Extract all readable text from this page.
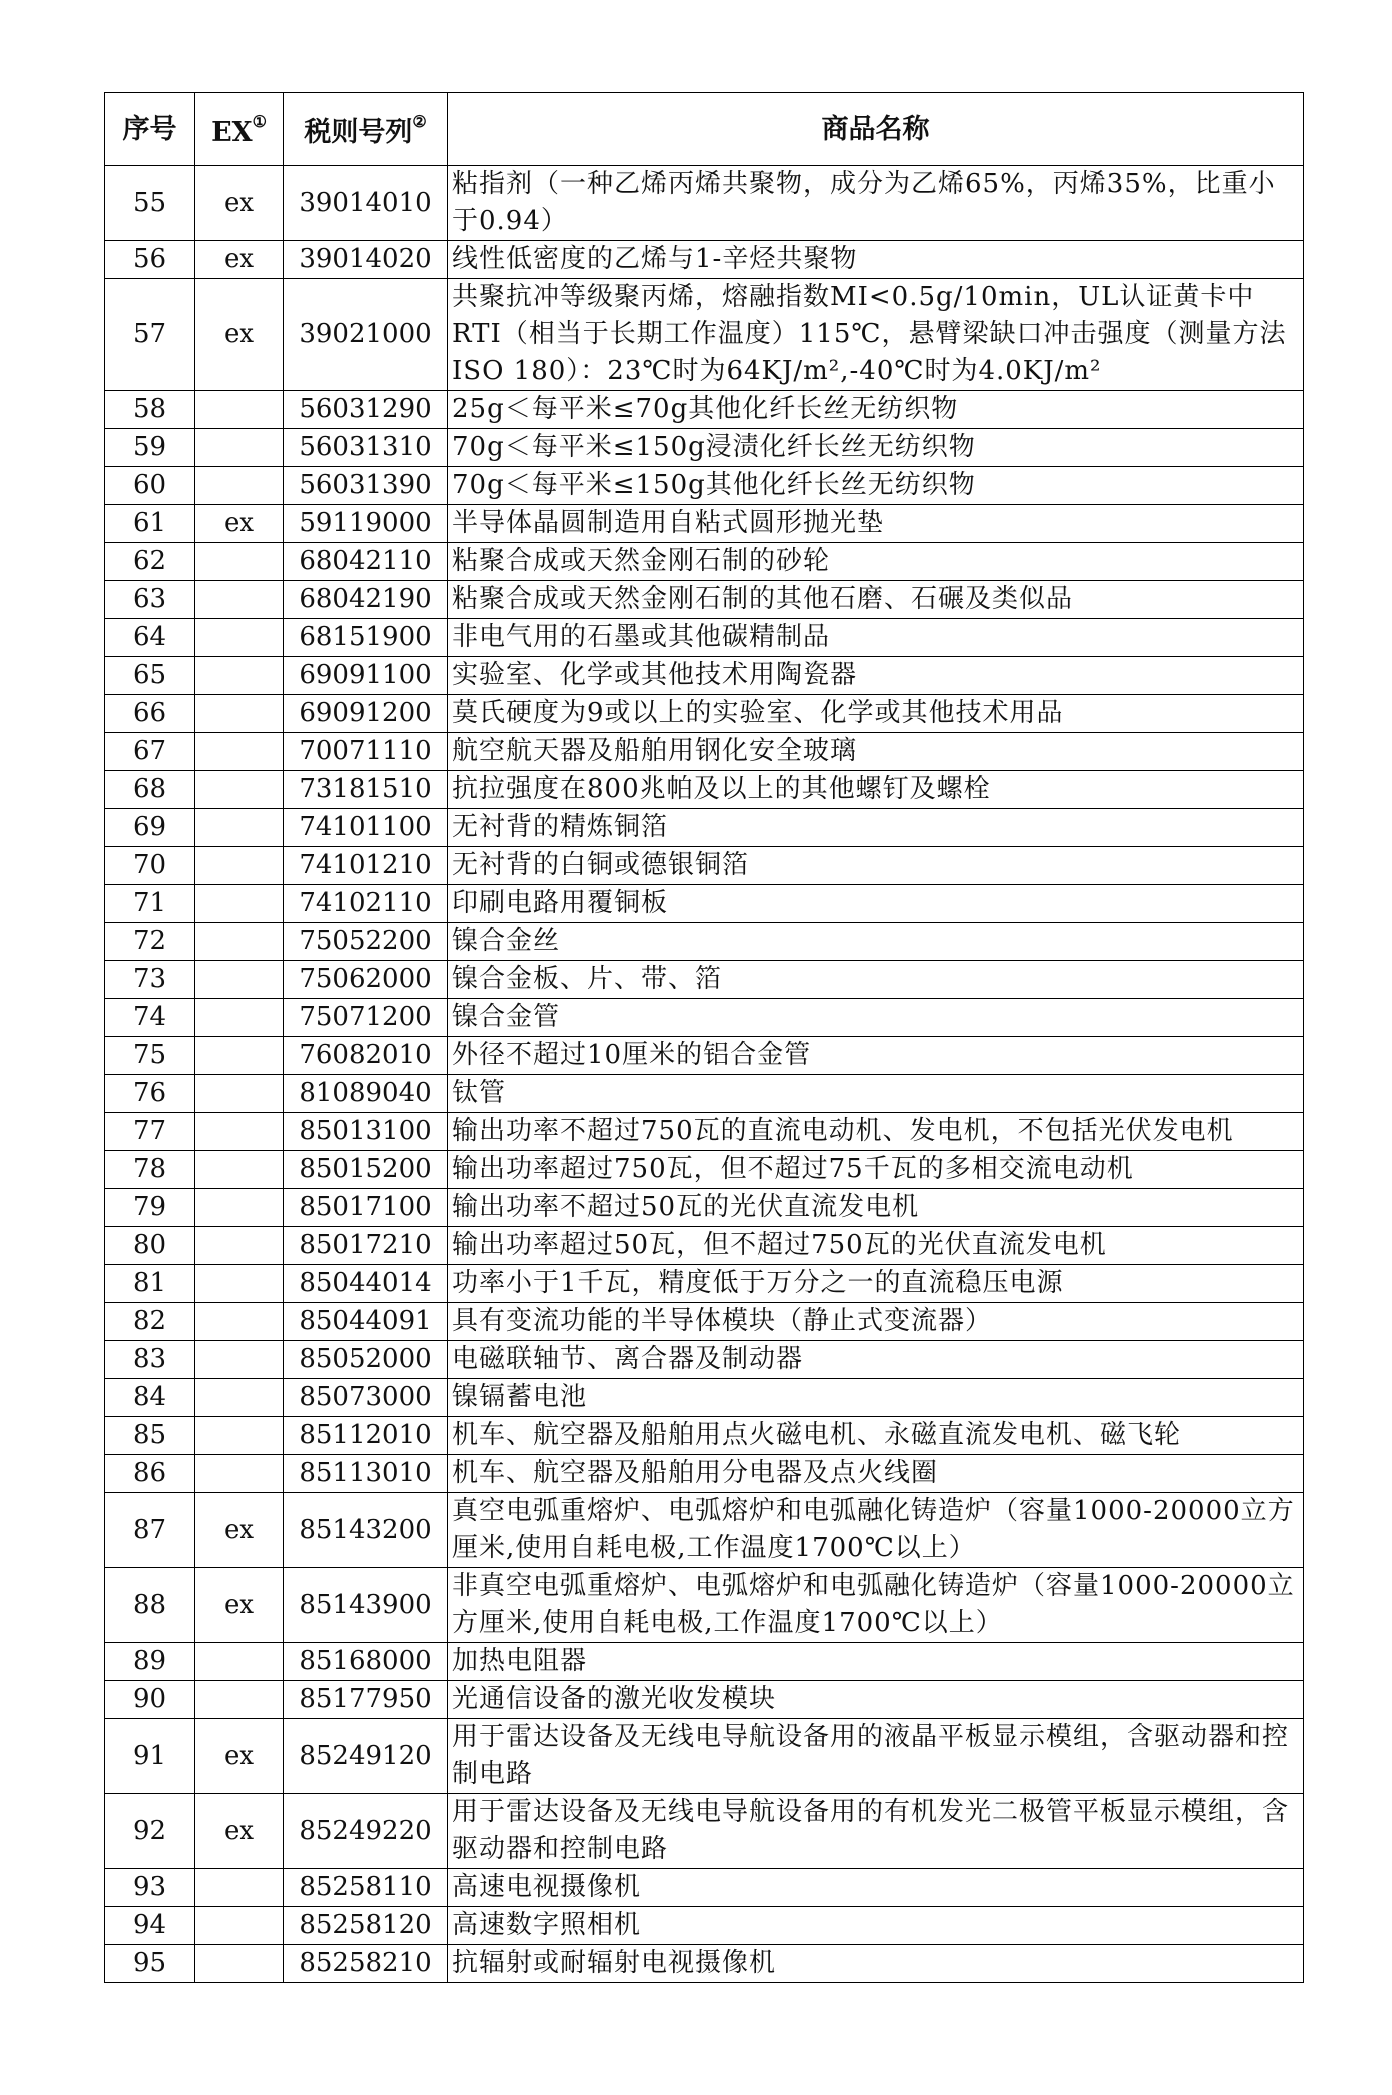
序号	EX①	税则号列②	商品名称
55	ex	39014010	粘指剂（一种乙烯丙烯共聚物，成分为乙烯65%，丙烯35%，比重小于0.94）
56	ex	39014020	线性低密度的乙烯与1-辛烃共聚物
57	ex	39021000	共聚抗冲等级聚丙烯，熔融指数MI<0.5g/10min，UL认证黄卡中RTI（相当于长期工作温度）115℃，悬臂梁缺口冲击强度（测量方法ISO 180）：23℃时为64KJ/m²,-40℃时为4.0KJ/m²
58		56031290	25g＜每平米≤70g其他化纤长丝无纺织物
59		56031310	70g＜每平米≤150g浸渍化纤长丝无纺织物
60		56031390	70g＜每平米≤150g其他化纤长丝无纺织物
61	ex	59119000	半导体晶圆制造用自粘式圆形抛光垫
62		68042110	粘聚合成或天然金刚石制的砂轮
63		68042190	粘聚合成或天然金刚石制的其他石磨、石碾及类似品
64		68151900	非电气用的石墨或其他碳精制品
65		69091100	实验室、化学或其他技术用陶瓷器
66		69091200	莫氏硬度为9或以上的实验室、化学或其他技术用品
67		70071110	航空航天器及船舶用钢化安全玻璃
68		73181510	抗拉强度在800兆帕及以上的其他螺钉及螺栓
69		74101100	无衬背的精炼铜箔
70		74101210	无衬背的白铜或德银铜箔
71		74102110	印刷电路用覆铜板
72		75052200	镍合金丝
73		75062000	镍合金板、片、带、箔
74		75071200	镍合金管
75		76082010	外径不超过10厘米的铝合金管
76		81089040	钛管
77		85013100	输出功率不超过750瓦的直流电动机、发电机，不包括光伏发电机
78		85015200	输出功率超过750瓦，但不超过75千瓦的多相交流电动机
79		85017100	输出功率不超过50瓦的光伏直流发电机
80		85017210	输出功率超过50瓦，但不超过750瓦的光伏直流发电机
81		85044014	功率小于1千瓦，精度低于万分之一的直流稳压电源
82		85044091	具有变流功能的半导体模块（静止式变流器）
83		85052000	电磁联轴节、离合器及制动器
84		85073000	镍镉蓄电池
85		85112010	机车、航空器及船舶用点火磁电机、永磁直流发电机、磁飞轮
86		85113010	机车、航空器及船舶用分电器及点火线圈
87	ex	85143200	真空电弧重熔炉、电弧熔炉和电弧融化铸造炉（容量1000-20000立方厘米,使用自耗电极,工作温度1700℃以上）
88	ex	85143900	非真空电弧重熔炉、电弧熔炉和电弧融化铸造炉（容量1000-20000立方厘米,使用自耗电极,工作温度1700℃以上）
89		85168000	加热电阻器
90		85177950	光通信设备的激光收发模块
91	ex	85249120	用于雷达设备及无线电导航设备用的液晶平板显示模组，含驱动器和控制电路
92	ex	85249220	用于雷达设备及无线电导航设备用的有机发光二极管平板显示模组，含驱动器和控制电路
93		85258110	高速电视摄像机
94		85258120	高速数字照相机
95		85258210	抗辐射或耐辐射电视摄像机
